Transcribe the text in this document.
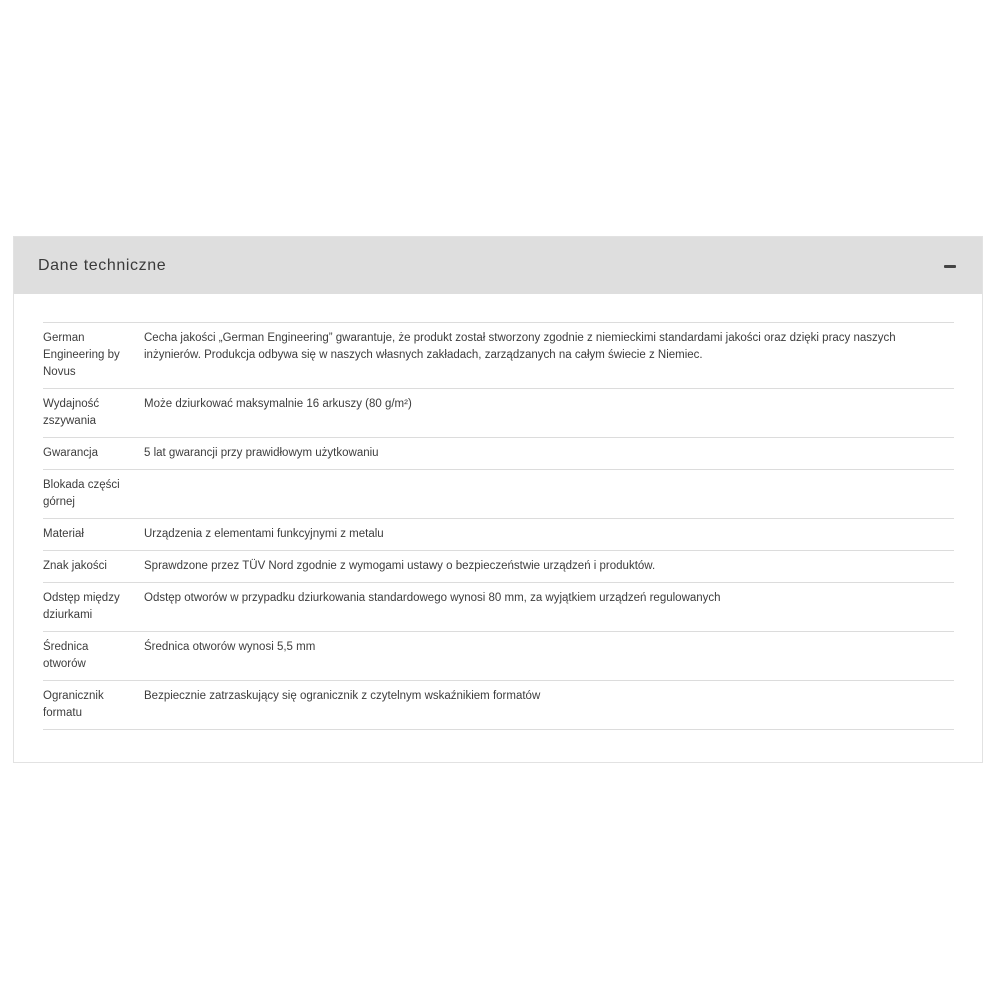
Dane techniczne
German Engineering by Novus	Cecha jakości „German Engineering” gwarantuje, że produkt został stworzony zgodnie z niemieckimi standardami jakości oraz dzięki pracy naszych inżynierów. Produkcja odbywa się w naszych własnych zakładach, zarządzanych na całym świecie z Niemiec.

Wydajność zszywania	Może dziurkować maksymalnie 16 arkuszy (80 g/m²)

Gwarancja	5 lat gwarancji przy prawidłowym użytkowaniu

Blokada części górnej	

Materiał	Urządzenia z elementami funkcyjnymi z metalu

Znak jakości	Sprawdzone przez TÜV Nord zgodnie z wymogami ustawy o bezpieczeństwie urządzeń i produktów.

Odstęp między dziurkami	Odstęp otworów w przypadku dziurkowania standardowego wynosi 80 mm, za wyjątkiem urządzeń regulowanych

Średnica otworów	Średnica otworów wynosi 5,5 mm

Ogranicznik formatu	Bezpiecznie zatrzaskujący się ogranicznik z czytelnym wskaźnikiem formatów
